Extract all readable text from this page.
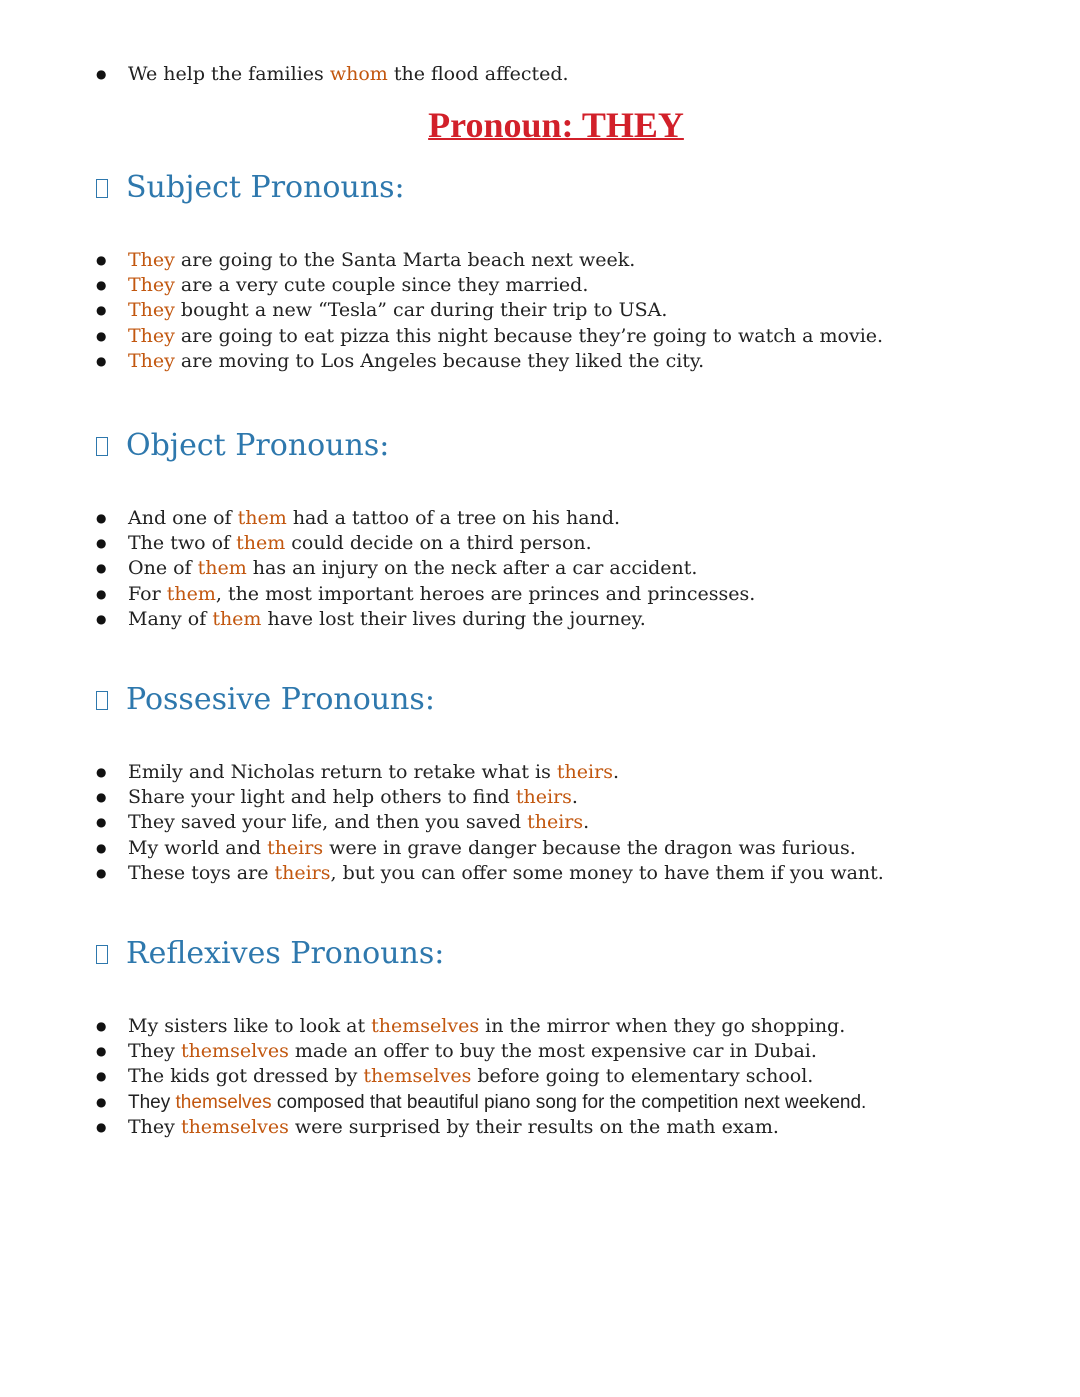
● We help the families whom the flood affected.
Pronoun: THEY
Subject Pronouns:
● They are going to the Santa Marta beach next week.
● They are a very cute couple since they married.
● They bought a new “Tesla” car during their trip to USA.
● They are going to eat pizza this night because they’re going to watch a movie.
● They are moving to Los Angeles because they liked the city.
Object Pronouns:
● And one of them had a tattoo of a tree on his hand.
● The two of them could decide on a third person.
● One of them has an injury on the neck after a car accident.
● For them, the most important heroes are princes and princesses.
● Many of them have lost their lives during the journey.
Possesive Pronouns:
● Emily and Nicholas return to retake what is theirs.
● Share your light and help others to find theirs.
● They saved your life, and then you saved theirs.
● My world and theirs were in grave danger because the dragon was furious.
● These toys are theirs, but you can offer some money to have them if you want.
Reflexives Pronouns:
● My sisters like to look at themselves in the mirror when they go shopping.
● They themselves made an offer to buy the most expensive car in Dubai.
● The kids got dressed by themselves before going to elementary school.
● They themselves composed that beautiful piano song for the competition next weekend.
● They themselves were surprised by their results on the math exam.
